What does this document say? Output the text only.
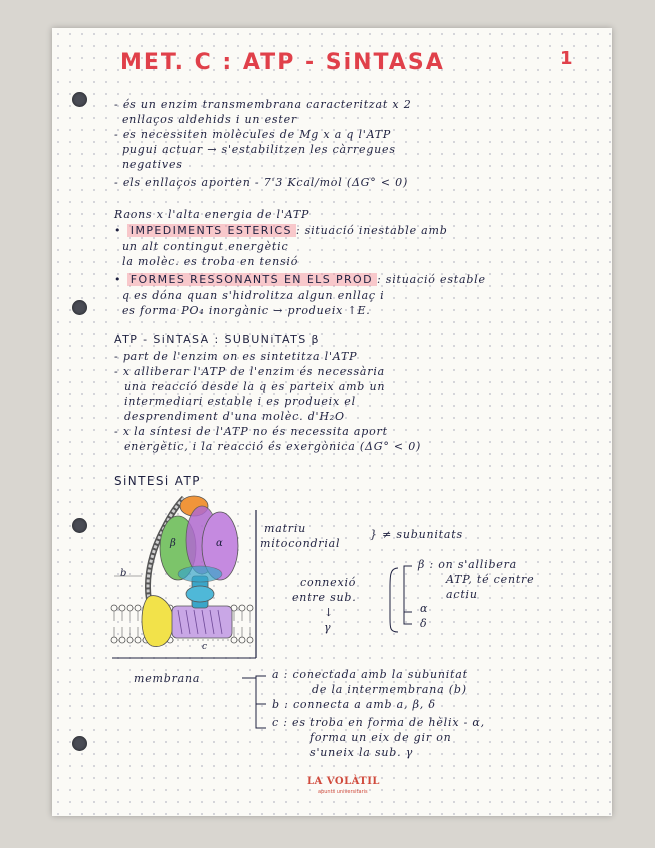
MET. C : ATP - SiNTASA	1
- és un enzim transmembrana caracteritzat x 2
enllaços aldehids i un ester
- es necessiten molècules de Mg x a q l'ATP
pugui actuar → s'estabilitzen les càrregues
negatives
- els enllaços aporten - 7'3 Kcal/mol (ΔG° < 0)
Raons x l'alta energia de l'ATP
• IMPEDIMENTS ESTERICS : situació inestable amb
un alt contingut energètic
la molèc. es troba en tensió
• FORMES RESSONANTS EN ELS PROD : situació estable
q es dóna quan s'hidrolitza algun enllaç i
es forma PO₄ inorgànic → produeix ↑E.
ATP - SiNTASA : SUBUNiTATS β
- part de l'enzim on es sintetitza l'ATP
- x alliberar l'ATP de l'enzim és necessària
una reacció desde la q es parteix amb un
intermediari estable i es produeix el
desprendiment d'una molèc. d'H₂O
- x la síntesi de l'ATP no és necessita aport
energètic, i la reacció és exergònica (ΔG° < 0)
SiNTESi ATP
β	α
b
c
matriu
mitocondrial
} ≠ subunitats
connexió
entre sub.
↓
γ
β : on s'allibera
ATP, té centre
actiu
α
δ
membrana	a : conectada amb la subunitat
de la intermembrana (b)
b : connecta a amb a, β, δ
c : es troba en forma de hèlix - α,
forma un eix de gir on
s'uneix la sub. γ
LA VOLÀTIL
apunts universitaris
